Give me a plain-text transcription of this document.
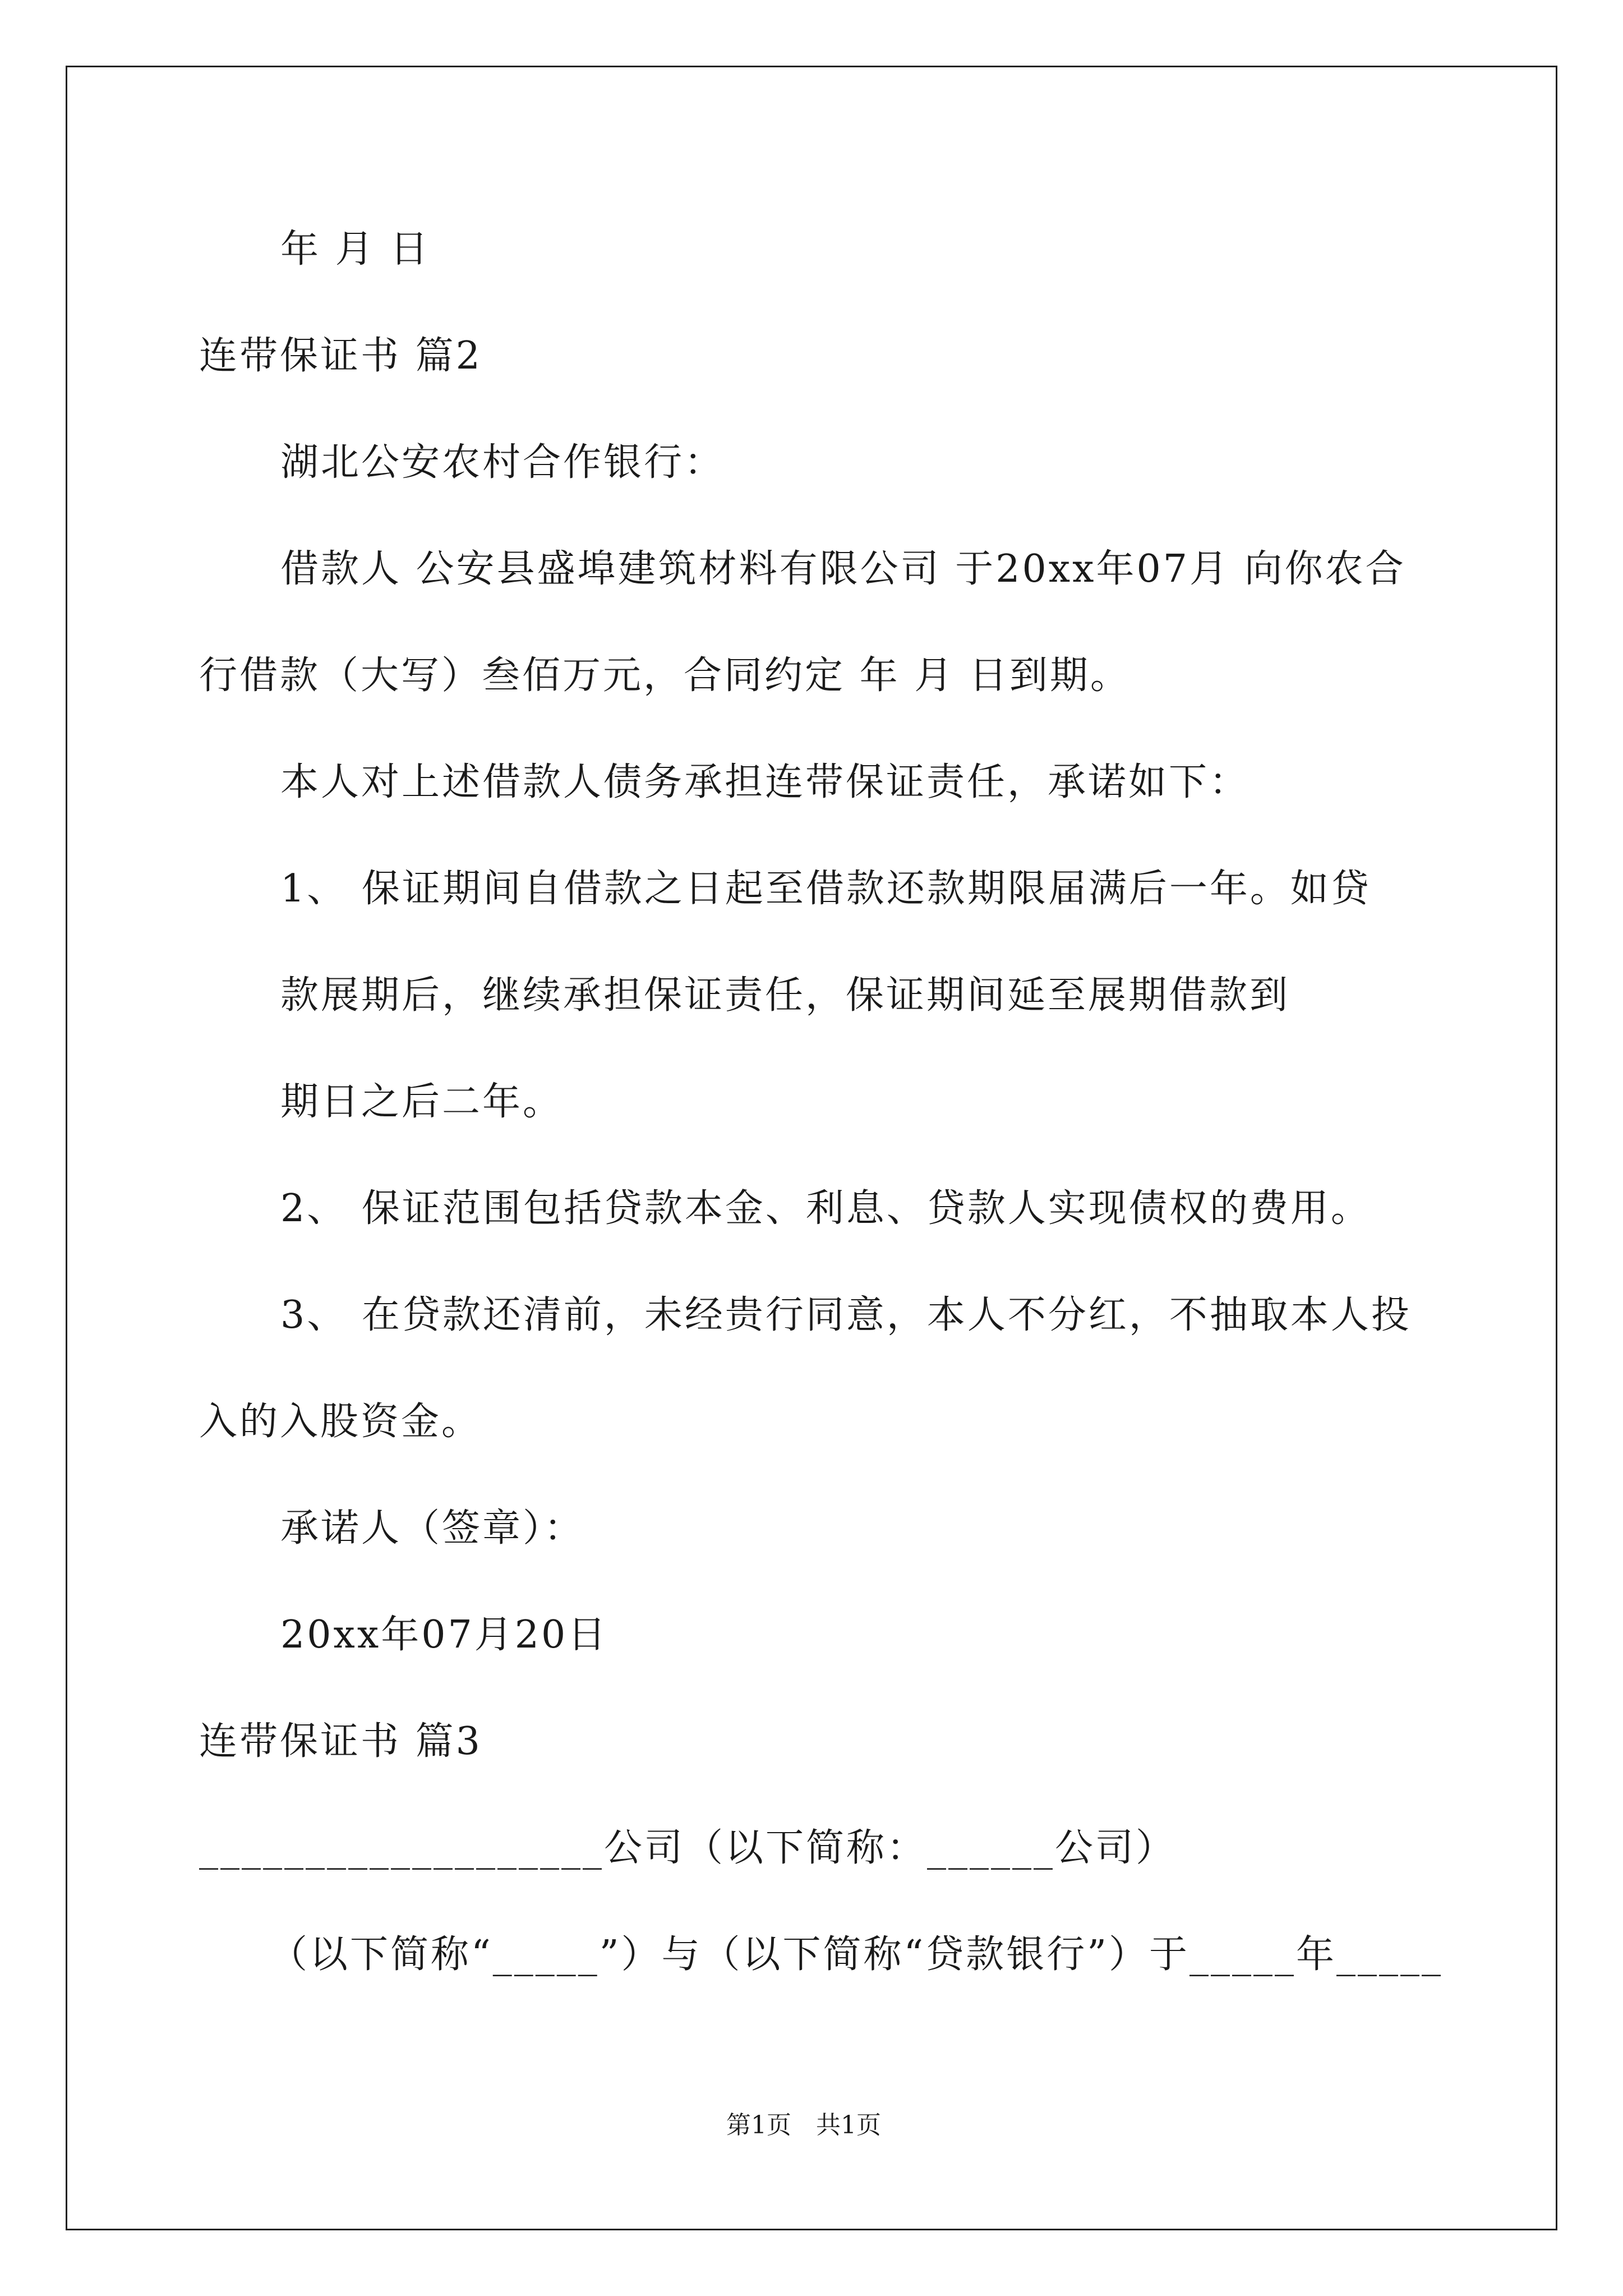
年 月 日
连带保证书 篇2
湖北公安农村合作银行：
借款人 公安县盛埠建筑材料有限公司 于20xx年07月 向你农合
行借款（大写）叁佰万元，合同约定 年 月 日到期。
本人对上述借款人债务承担连带保证责任，承诺如下：
1、 保证期间自借款之日起至借款还款期限届满后一年。如贷
款展期后，继续承担保证责任，保证期间延至展期借款到
期日之后二年。
2、 保证范围包括贷款本金、利息、贷款人实现债权的费用。
3、 在贷款还清前，未经贵行同意，本人不分红，不抽取本人投
入的入股资金。
承诺人（签章）：
20xx年07月20日
连带保证书 篇3
___________________公司（以下简称：______公司）
（以下简称“_____”）与（以下简称“贷款银行”）于_____年_____
第1页　共1页
